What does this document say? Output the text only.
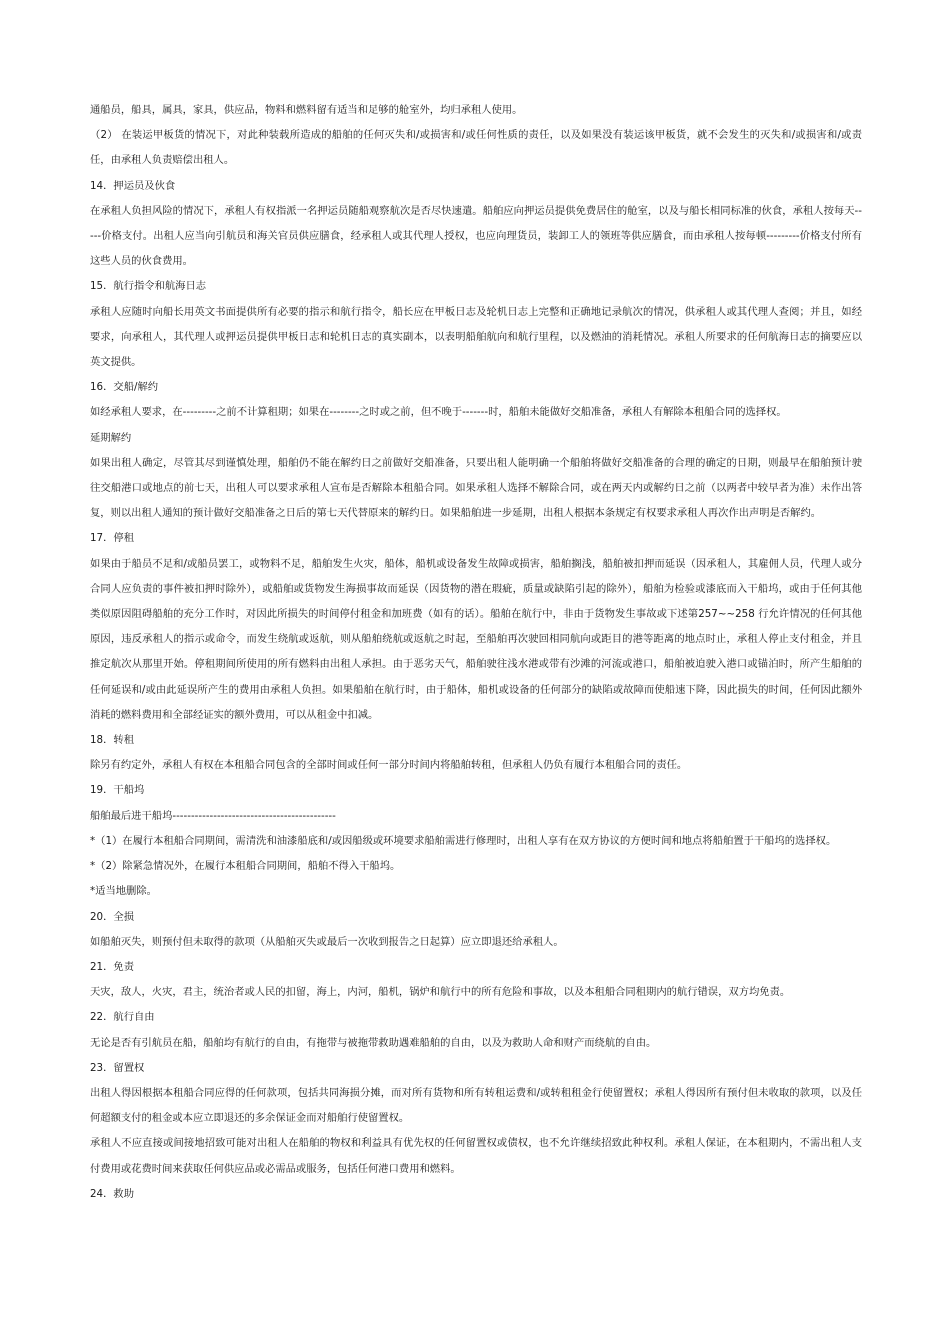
通船员，船具，属具，家具，供应品，物料和燃料留有适当和足够的舱室外，均归承租人使用。

（2） 在装运甲板货的情况下，对此种装载所造成的船舶的任何灭失和/或损害和/或任何性质的责任，以及如果没有装运该甲板货，就不会发生的灭失和/或损害和/或责任，由承租人负责赔偿出租人。

14．押运员及伙食

在承租人负担风险的情况下，承租人有权指派一名押运员随船观察航次是否尽快速遣。船舶应向押运员提供免费居住的舱室，以及与船长相同标准的伙食，承租人按每天-----价格支付。出租人应当向引航员和海关官员供应膳食，经承租人或其代理人授权，也应向理货员，装卸工人的领班等供应膳食，而由承租人按每顿---------价格支付所有这些人员的伙食费用。

15．航行指令和航海日志

承租人应随时向船长用英文书面提供所有必要的指示和航行指令，船长应在甲板日志及轮机日志上完整和正确地记录航次的情况，供承租人或其代理人查阅；并且，如经要求，向承租人，其代理人或押运员提供甲板日志和轮机日志的真实副本，以表明船舶航向和航行里程，以及燃油的消耗情况。承租人所要求的任何航海日志的摘要应以英文提供。

16．交船/解约

如经承租人要求，在---------之前不计算租期；如果在--------之时或之前，但不晚于-------时，船舶未能做好交船准备，承租人有解除本租船合同的选择权。

延期解约

如果出租人确定，尽管其尽到谨慎处理，船舶仍不能在解约日之前做好交船准备，只要出租人能明确一个船舶将做好交船准备的合理的确定的日期，则最早在船舶预计驶往交船港口或地点的前七天，出租人可以要求承租人宣布是否解除本租船合同。如果承租人选择不解除合同，或在两天内或解约日之前（以两者中较早者为准）未作出答复，则以出租人通知的预计做好交船准备之日后的第七天代替原来的解约日。如果船舶进一步延期，出租人根据本条规定有权要求承租人再次作出声明是否解约。

17．停租

如果由于船员不足和/或船员罢工，或物料不足，船舶发生火灾，船体，船机或设备发生故障或损害，船舶搁浅，船舶被扣押而延误（因承租人，其雇佣人员，代理人或分合同人应负责的事件被扣押时除外），或船舶或货物发生海损事故而延误（因货物的潜在瑕疵，质量或缺陷引起的除外），船舶为检验或漆底而入干船坞，或由于任何其他类似原因阻碍船舶的充分工作时，对因此所损失的时间停付租金和加班费（如有的话）。船舶在航行中，非由于货物发生事故或下述第257~~258 行允许情况的任何其他原因，违反承租人的指示或命令，而发生绕航或返航，则从船舶绕航或返航之时起，至船舶再次驶回相同航向或距目的港等距离的地点时止，承租人停止支付租金，并且推定航次从那里开始。停租期间所使用的所有燃料由出租人承担。由于恶劣天气，船舶驶往浅水港或带有沙滩的河流或港口，船舶被迫驶入港口或锚泊时，所产生船舶的任何延误和/或由此延误所产生的费用由承租人负担。如果船舶在航行时，由于船体，船机或设备的任何部分的缺陷或故障而使船速下降，因此损失的时间，任何因此额外消耗的燃料费用和全部经证实的额外费用，可以从租金中扣减。

18．转租

除另有约定外，承租人有权在本租船合同包含的全部时间或任何一部分时间内将船舶转租，但承租人仍负有履行本租船合同的责任。

19．干船坞

船舶最后进干船坞--------------------------------------------

*（1）在履行本租船合同期间，需清洗和油漆船底和/或因船级或环境要求船舶需进行修理时，出租人享有在双方协议的方便时间和地点将船舶置于干船坞的选择权。

*（2）除紧急情况外，在履行本租船合同期间，船舶不得入干船坞。

*适当地删除。

20．全损

如船舶灭失，则预付但未取得的款项（从船舶灭失或最后一次收到报告之日起算）应立即退还给承租人。

21．免责

天灾，敌人，火灾，君主，统治者或人民的扣留，海上，内河，船机，锅炉和航行中的所有危险和事故，以及本租船合同租期内的航行错误，双方均免责。

22．航行自由

无论是否有引航员在船，船舶均有航行的自由，有拖带与被拖带救助遇难船舶的自由，以及为救助人命和财产而绕航的自由。

23．留置权

出租人得因根据本租船合同应得的任何款项，包括共同海损分摊，而对所有货物和所有转租运费和/或转租租金行使留置权；承租人得因所有预付但未收取的款项，以及任何超额支付的租金或本应立即退还的多余保证金而对船舶行使留置权。

承租人不应直接或间接地招致可能对出租人在船舶的物权和利益具有优先权的任何留置权或债权，也不允许继续招致此种权利。承租人保证，在本租期内，不需出租人支付费用或花费时间来获取任何供应品或必需品或服务，包括任何港口费用和燃料。

24．救助
